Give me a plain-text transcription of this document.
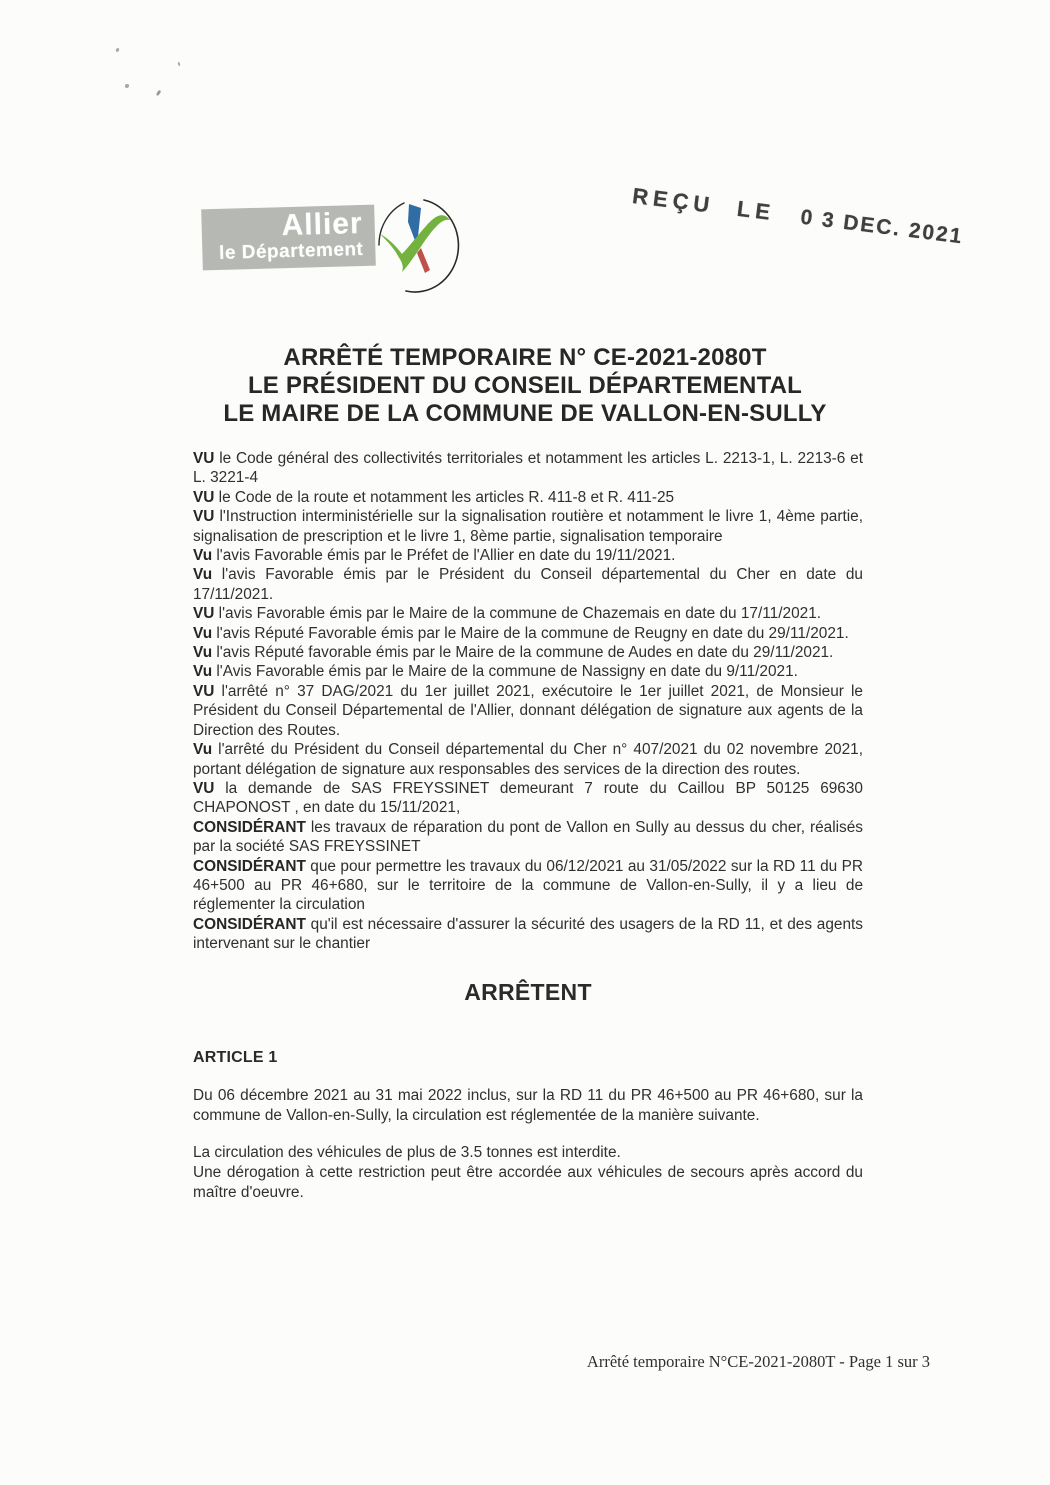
Allier
le Département
REÇU LE0 3 DEC. 2021
ARRÊTÉ TEMPORAIRE N° CE-2021-2080T
LE PRÉSIDENT DU CONSEIL DÉPARTEMENTAL
LE MAIRE DE LA COMMUNE DE VALLON-EN-SULLY

VU le Code général des collectivités territoriales et notamment les articles L. 2213-1, L. 2213-6 et L. 3221-4

VU le Code de la route et notamment les articles R. 411-8 et R. 411-25

VU l'Instruction interministérielle sur la signalisation routière et notamment le livre 1, 4ème partie, signalisation de prescription et le livre 1, 8ème partie, signalisation temporaire

Vu l'avis Favorable émis par le Préfet de l'Allier en date du 19/11/2021.

Vu l'avis Favorable émis par le Président du Conseil départemental du Cher en date du 17/11/2021.

VU l'avis Favorable émis par le Maire de la commune de Chazemais en date du 17/11/2021.

Vu l'avis Réputé Favorable émis par le Maire de la commune de Reugny en date du 29/11/2021.

Vu l'avis Réputé favorable émis par le Maire de la commune de Audes en date du 29/11/2021.

Vu l'Avis Favorable émis par le Maire de la commune de Nassigny en date du 9/11/2021.

VU l'arrêté n° 37 DAG/2021 du 1er juillet 2021, exécutoire le 1er juillet 2021, de Monsieur le Président du Conseil Départemental de l'Allier, donnant délégation de signature aux agents de la Direction des Routes.

Vu l'arrêté du Président du Conseil départemental du Cher n° 407/2021 du 02 novembre 2021, portant délégation de signature aux responsables des services de la direction des routes.

VU la demande de SAS FREYSSINET demeurant 7 route du Caillou BP 50125 69630 CHAPONOST , en date du 15/11/2021,

CONSIDÉRANT les travaux de réparation du pont de Vallon en Sully au dessus du cher, réalisés par la société SAS FREYSSINET

CONSIDÉRANT que pour permettre les travaux du 06/12/2021 au 31/05/2022 sur la RD 11 du PR 46+500 au PR 46+680, sur le territoire de la commune de Vallon-en-Sully, il y a lieu de réglementer la circulation

CONSIDÉRANT qu'il est nécessaire d'assurer la sécurité des usagers de la RD 11, et des agents intervenant sur le chantier

ARRÊTENT
ARTICLE 1

Du 06 décembre 2021 au 31 mai 2022 inclus, sur la RD 11 du PR 46+500 au PR 46+680, sur la commune de Vallon-en-Sully, la circulation est réglementée de la manière suivante.

La circulation des véhicules de plus de 3.5 tonnes est interdite.

Une dérogation à cette restriction peut être accordée aux véhicules de secours après accord du maître d'oeuvre.

Arrêté temporaire N°CE-2021-2080T - Page 1 sur 3
